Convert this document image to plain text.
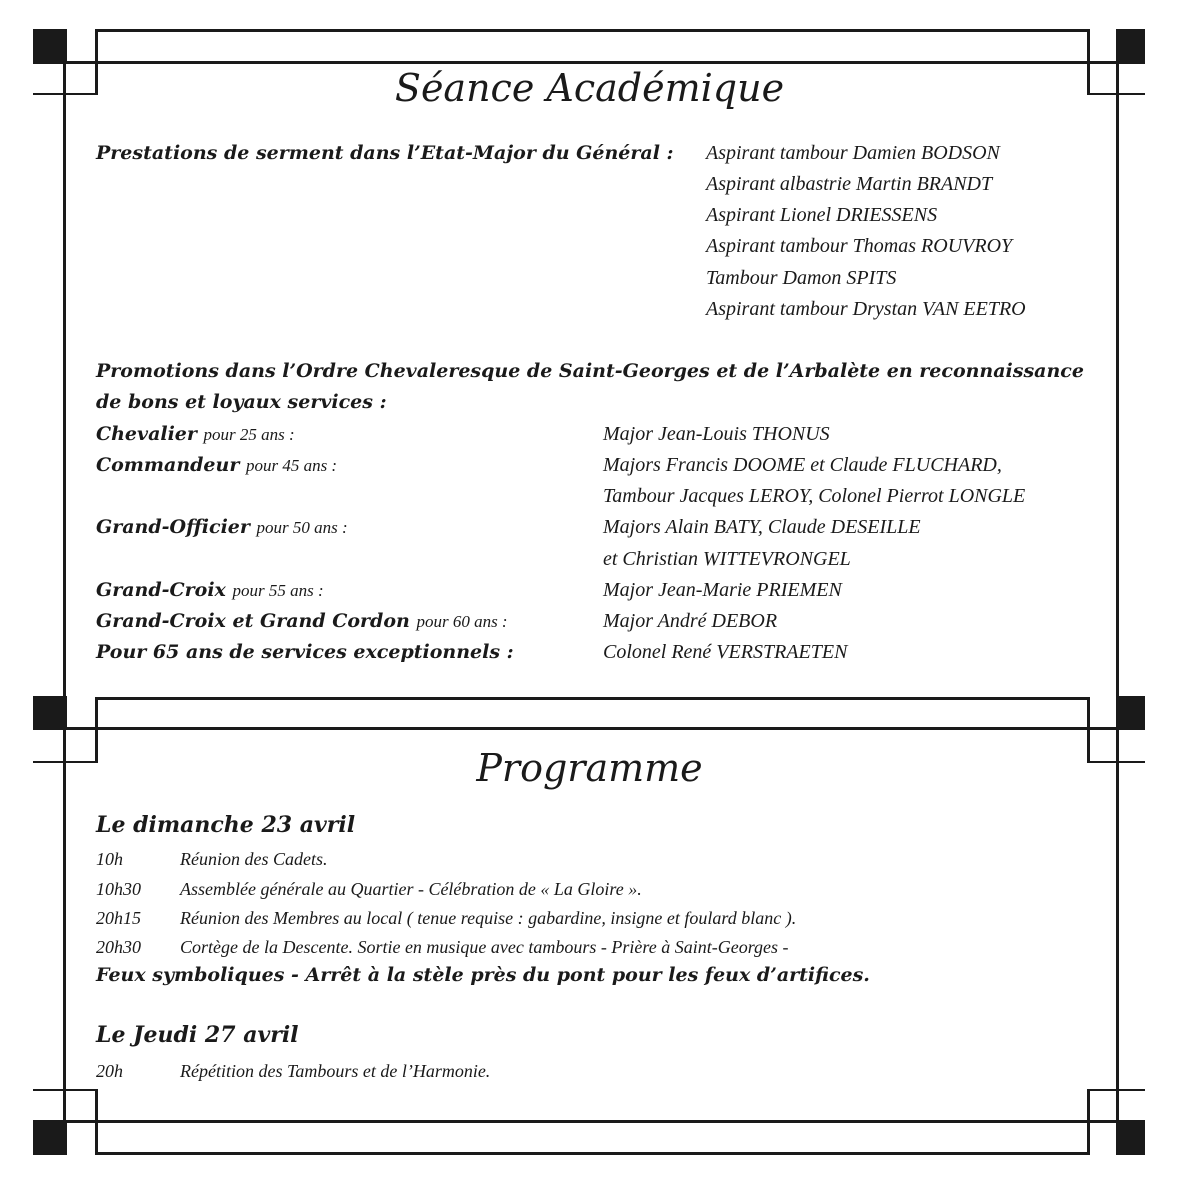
Séance Académique
Prestations de serment dans l’Etat-Major du Général : Aspirant tambour Damien BODSON
Aspirant albastrie Martin BRANDT
Aspirant Lionel DRIESSENS
Aspirant tambour Thomas ROUVROY
Tambour Damon SPITS
Aspirant tambour Drystan VAN EETRO
Promotions dans l’Ordre Chevaleresque de Saint-Georges et de l’Arbalète en reconnaissance
de bons et loyaux services :
Chevalier pour 25 ans :	Major Jean-Louis THONUS
Commandeur pour 45 ans :	Majors Francis DOOME et Claude FLUCHARD,
Tambour Jacques LEROY, Colonel Pierrot LONGLE
Grand-Officier pour 50 ans :	Majors Alain BATY, Claude DESEILLE
et Christian WITTEVRONGEL
Grand-Croix pour 55 ans :	Major Jean-Marie PRIEMEN
Grand-Croix et Grand Cordon pour 60 ans :	Major André DEBOR
Pour 65 ans de services exceptionnels :	Colonel René VERSTRAETEN
Programme
Le dimanche 23 avril
10h	Réunion des Cadets.
10h30 Assemblée générale au Quartier - Célébration de « La Gloire ».
20h15 Réunion des Membres au local ( tenue requise : gabardine, insigne et foulard blanc ).
20h30 Cortège de la Descente. Sortie en musique avec tambours - Prière à Saint-Georges -
Feux symboliques - Arrêt à la stèle près du pont pour les feux d’artifices.
Le Jeudi 27 avril
20h	Répétition des Tambours et de l’Harmonie.
